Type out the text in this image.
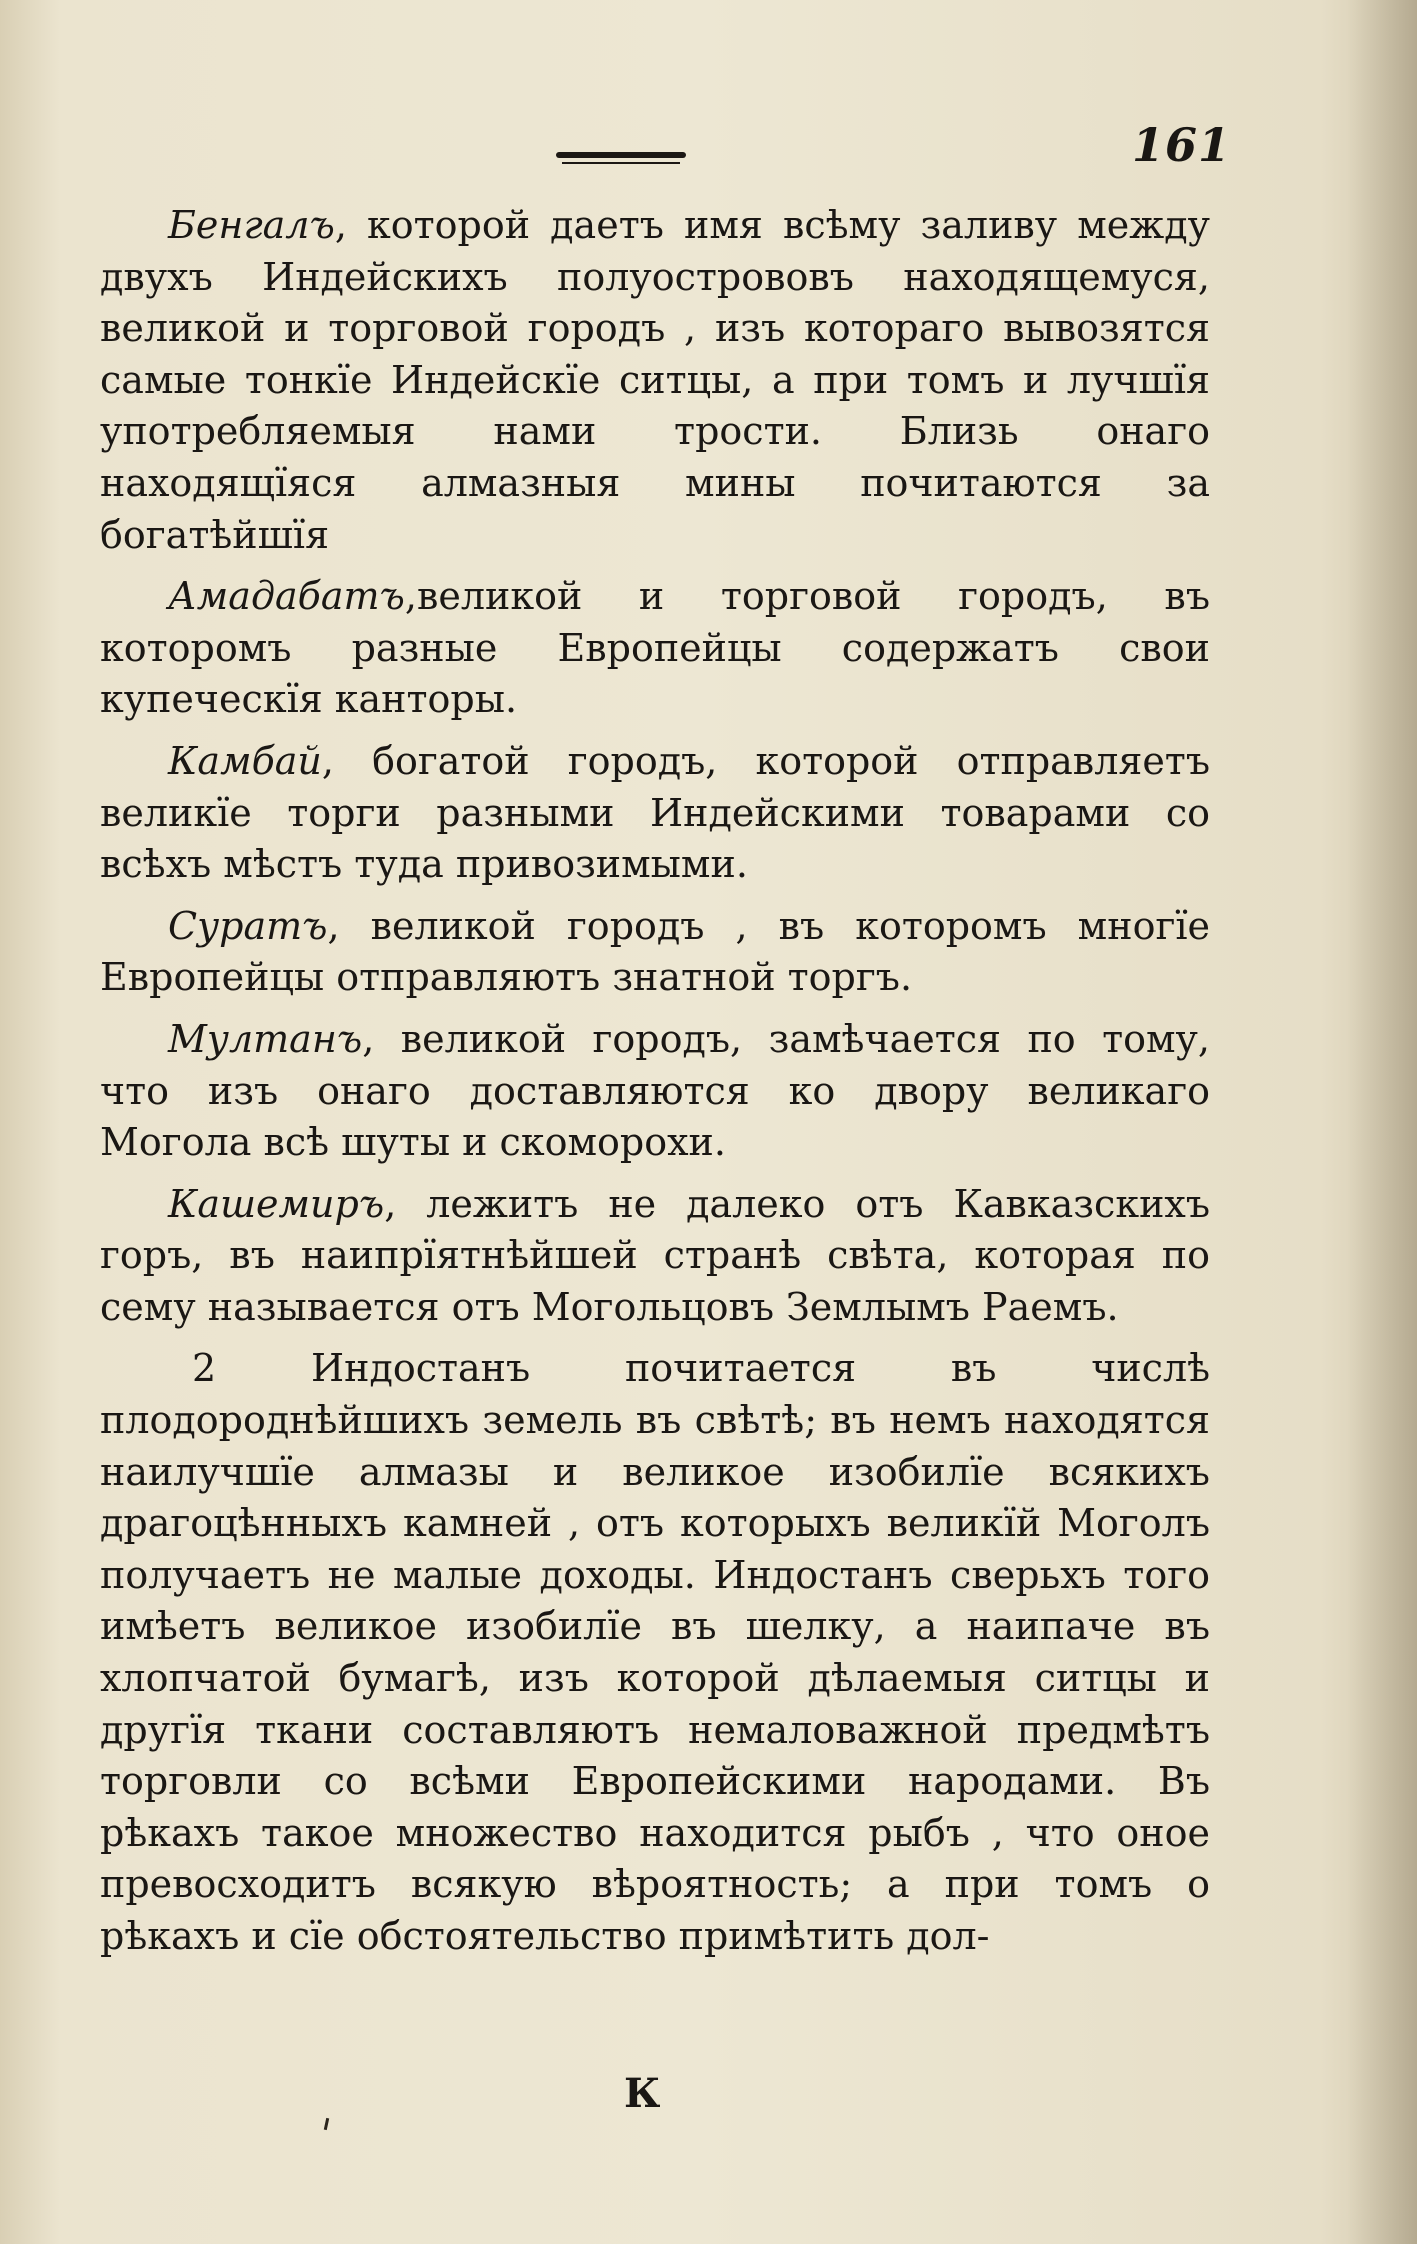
161

Бенгалъ, которой даетъ имя всѣму заливу между двухъ Индейскихъ полуострововъ находящемуся, великой и торговой городъ , изъ котораго вывозятся самые тонкїе Индейскїе ситцы, а при томъ и лучшїя употребляемыя нами трости. Близь онаго находящїяся алмазныя мины почитаются за богатѣйшїя

Амадабатъ,великой и торговой городъ, въ которомъ разные Европейцы содержатъ свои купеческїя канторы.

Камбай, богатой городъ, которой отправляетъ великїе торги разными Индейскими товарами со всѣхъ мѣстъ туда привозимыми.

Суратъ, великой городъ , въ которомъ многїе Европейцы отправляютъ знатной торгъ.

Мултанъ, великой городъ, замѣчается по тому, что изъ онаго доставляются ко двору великаго Могола всѣ шуты и скоморохи.

Кашемиръ, лежитъ не далеко отъ Кавказскихъ горъ, въ наипрїятнѣйшей странѣ свѣта, которая по сему называется отъ Могольцовъ Землымъ Раемъ.

2 Индостанъ почитается въ числѣ плодороднѣйшихъ земель въ свѣтѣ; въ немъ находятся наилучшїе алмазы и великое изобилїе всякихъ драгоцѣнныхъ камней , отъ которыхъ великїй Моголъ получаетъ не малые доходы. Индостанъ сверьхъ того имѣетъ великое изобилїе въ шелку, а наипаче въ хлопчатой бумагѣ, изъ которой дѣлаемыя ситцы и другїя ткани составляютъ немаловажной предмѣтъ торговли со всѣми Европейскими народами. Въ рѣкахъ такое множество находится рыбъ , что оное превосходитъ всякую вѣроятность; а при томъ о рѣкахъ и сїе обстоятельство примѣтить дол-

К
